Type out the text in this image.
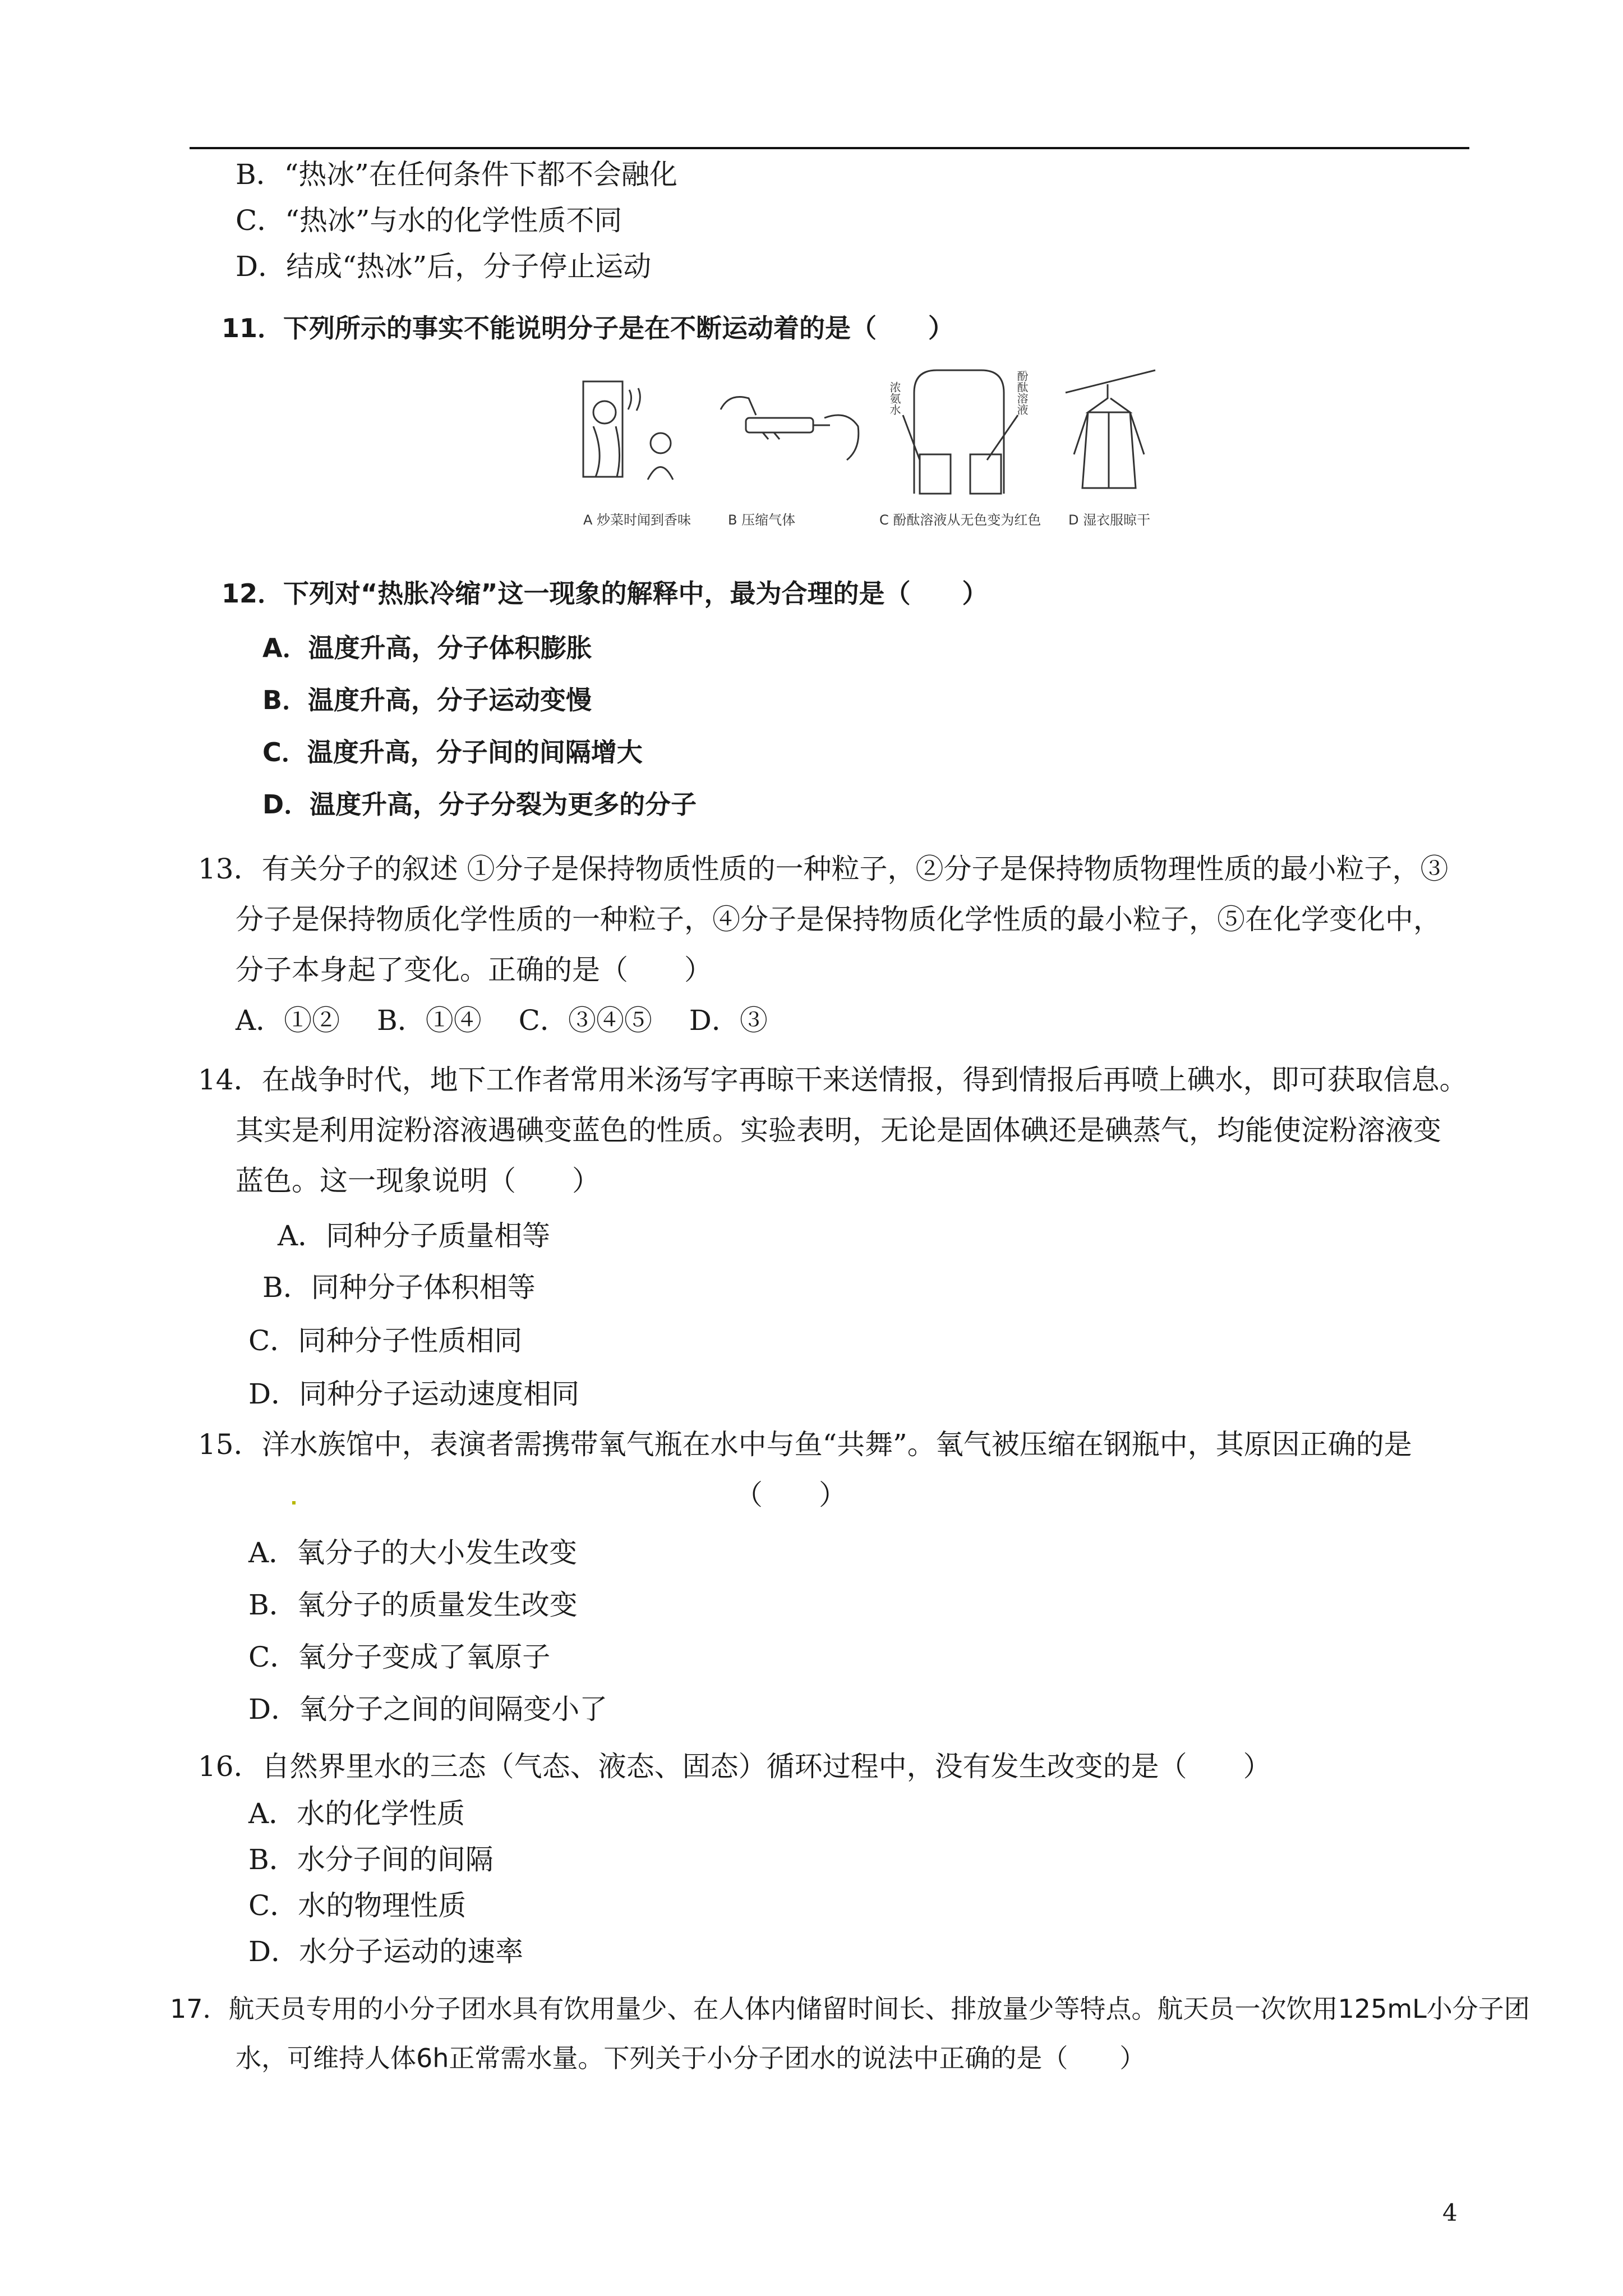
B．“热冰”在任何条件下都不会融化
C．“热冰”与水的化学性质不同
D．结成“热冰”后，分子停止运动
11．下列所示的事实不能说明分子是在不断运动着的是（　　）
A 炒菜时闻到香味	B 压缩气体
浓氨水	酚酞溶液
C 酚酞溶液从无色变为红色 D 湿衣服晾干
12．下列对“热胀冷缩”这一现象的解释中，最为合理的是（　　）
A．温度升高，分子体积膨胀
B．温度升高，分子运动变慢
C．温度升高，分子间的间隔增大
D．温度升高，分子分裂为更多的分子
13．有关分子的叙述 ①分子是保持物质性质的一种粒子，②分子是保持物质物理性质的最小粒子，③
分子是保持物质化学性质的一种粒子，④分子是保持物质化学性质的最小粒子，⑤在化学变化中，
分子本身起了变化。正确的是（　　）
A．①②　 B．①④　 C．③④⑤　 D．③
14．在战争时代，地下工作者常用米汤写字再晾干来送情报，得到情报后再喷上碘水，即可获取信息。
其实是利用淀粉溶液遇碘变蓝色的性质。实验表明，无论是固体碘还是碘蒸气，均能使淀粉溶液变
蓝色。这一现象说明（　　）
A．同种分子质量相等
B．同种分子体积相等
C．同种分子性质相同
D．同种分子运动速度相同
15．洋水族馆中，表演者需携带氧气瓶在水中与鱼“共舞”。氧气被压缩在钢瓶中，其原因正确的是
（　　）
A．氧分子的大小发生改变
B．氧分子的质量发生改变
C．氧分子变成了氧原子
D．氧分子之间的间隔变小了
16．自然界里水的三态（气态、液态、固态）循环过程中，没有发生改变的是（　　）
A．水的化学性质
B．水分子间的间隔
C．水的物理性质
D．水分子运动的速率
17．航天员专用的小分子团水具有饮用量少、在人体内储留时间长、排放量少等特点。航天员一次饮用125mL小分子团
水，可维持人体6h正常需水量。下列关于小分子团水的说法中正确的是（　　）
4
